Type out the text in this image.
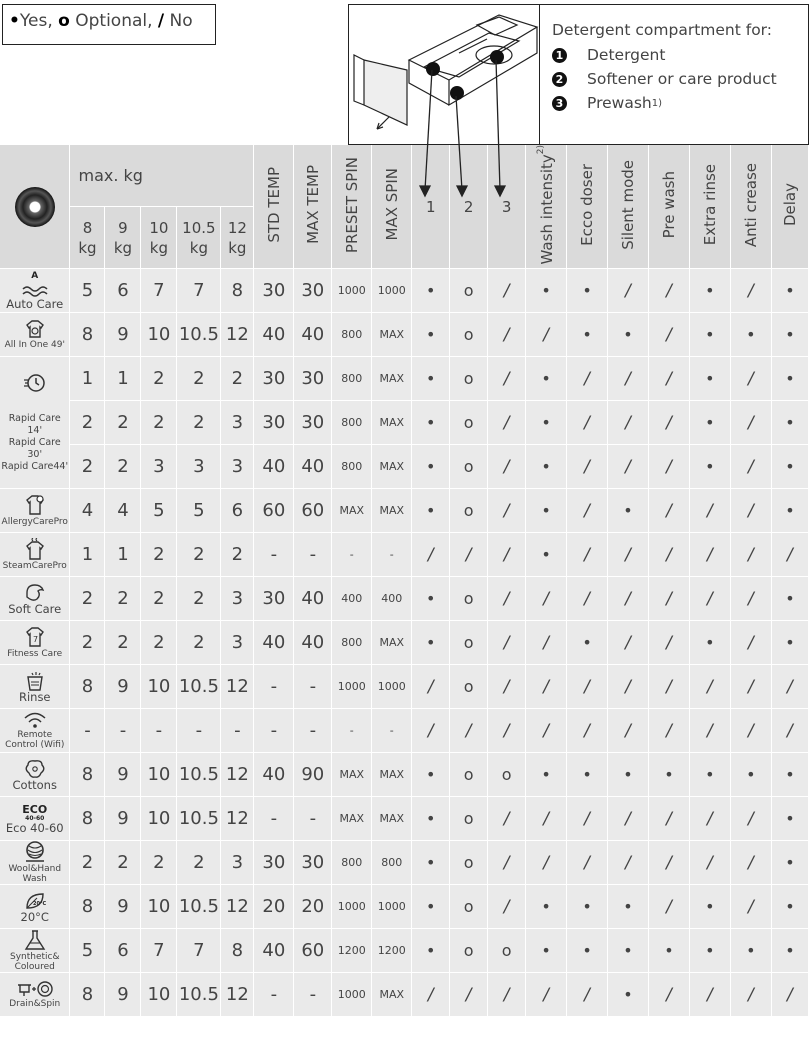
•Yes, o Optional, / No	Detergent compartment for:
1 Detergent
2 Softener or care product
3 Prewash 1)
	max. kg					STD TEMP	MAX TEMP	PRESET SPIN	MAX SPIN	1	2	3	Wash intensity$^{2)}$	Ecco doser	Silent mode	Pre wash	Extra rinse	Anti crease	Delay
	8
kg	9
kg	10
kg	10.5
kg	12
kg														

A
Auto Care	5	6	7	7	8	30	30	1000	1000	•	o	/	•	•	/	/	•	/	•

All In One 49'	8	9	10	10.5	12	40	40	800	MAX	•	o	/	/	•	•	/	•	•	•

Rapid Care 14'
Rapid Care 30'
Rapid Care44'	1	1	2	2	2	30	30	800	MAX	•	o	/	•	/	/	/	•	/	•
	2	2	2	2	3	30	30	800	MAX	•	o	/	•	/	/	/	•	/	•
	2	2	3	3	3	40	40	800	MAX	•	o	/	•	/	/	/	•	/	•

AllergyCarePro	4	4	5	5	6	60	60	MAX	MAX	•	o	/	•	/	•	/	/	/	•

SteamCarePro	1	1	2	2	2	-	-	-	-	/	/	/	•	/	/	/	/	/	/

Soft Care	2	2	2	2	3	30	40	400	400	•	o	/	/	/	/	/	/	/	•

7
Fitness Care	2	2	2	2	3	40	40	800	MAX	•	o	/	/	•	/	/	•	/	•

Rinse	8	9	10	10.5	12	-	-	1000	1000	/	o	/	/	/	/	/	/	/	/

Remote Control (Wifi)	-	-	-	-	-	-	-	-	-	/	/	/	/	/	/	/	/	/	/

Cottons	8	9	10	10.5	12	40	90	MAX	MAX	•	o	o	•	•	•	•	•	•	•

ECO
40-60
Eco 40-60	8	9	10	10.5	12	-	-	MAX	MAX	•	o	/	/	/	/	/	/	/	•

Wool&Hand Wash	2	2	2	2	3	30	30	800	800	•	o	/	/	/	/	/	/	/	•

20°C
20°C	8	9	10	10.5	12	20	20	1000	1000	•	o	/	•	•	•	/	•	/	•

Synthetic& Coloured	5	6	7	7	8	40	60	1200	1200	•	o	o	•	•	•	•	•	•	•

Drain&Spin	8	9	10	10.5	12	-	-	1000	MAX	/	/	/	/	/	•	/	/	/	/
